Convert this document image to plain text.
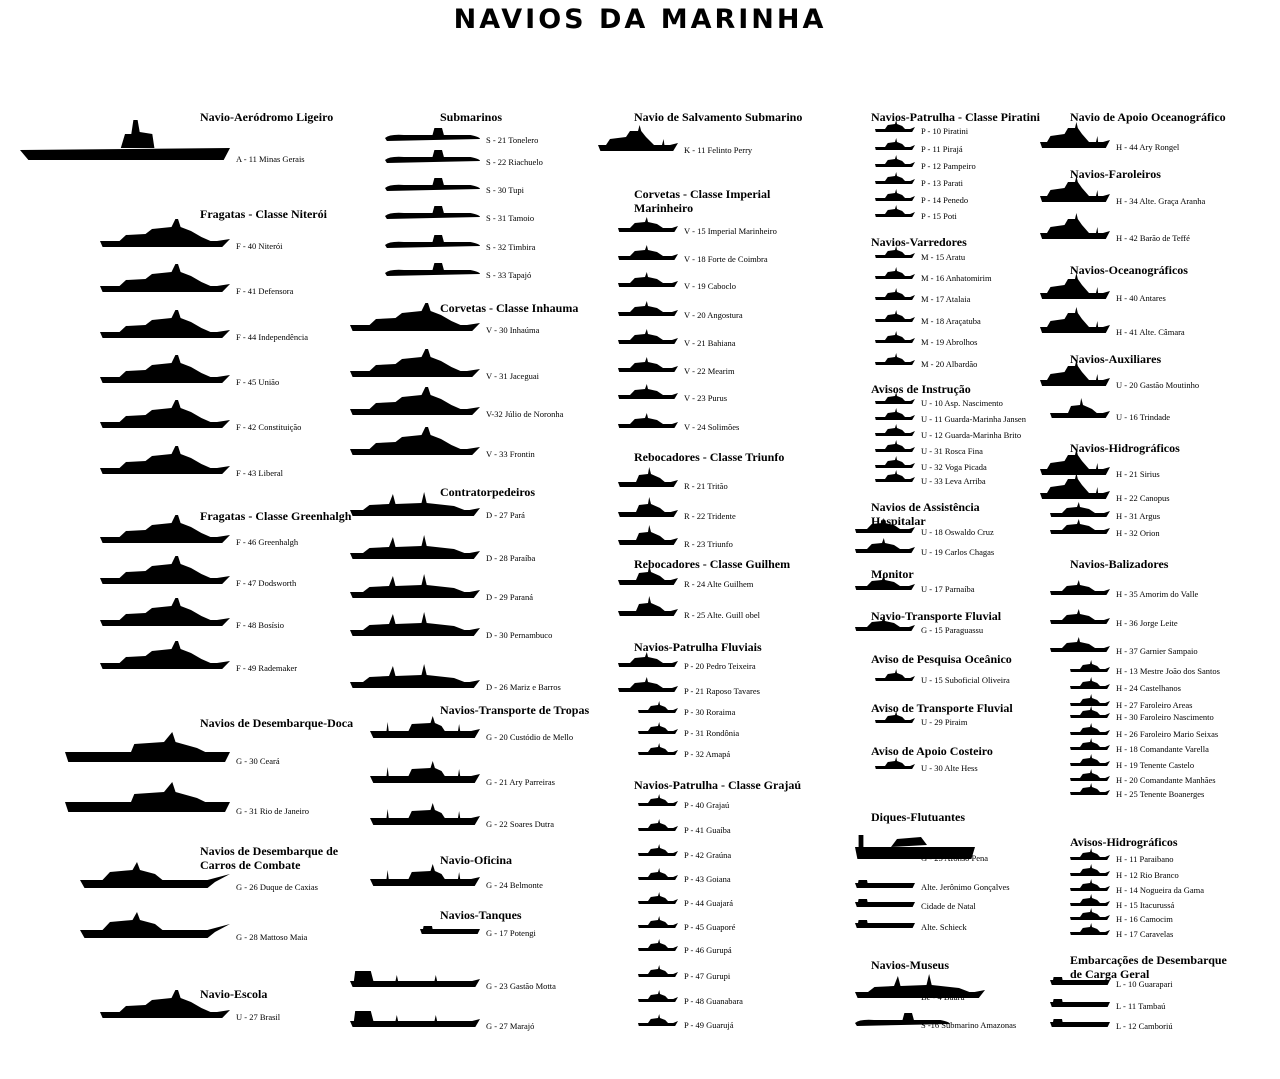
NAVIOS DA MARINHA
Navio-Aeródromo Ligeiro
A - 11 Minas Gerais
Fragatas - Classe Niterói
F - 40 Niterói
F - 41 Defensora
F - 44 Independência
F - 45 União
F - 42 Constituição
F - 43 Liberal
Fragatas - Classe Greenhalgh
F - 46 Greenhalgh
F - 47 Dodsworth
F - 48 Bosísio
F - 49 Rademaker
Navios de Desembarque-Doca
G - 30 Ceará
G - 31 Rio de Janeiro
Navios de Desembarque de
Carros de Combate
G - 26 Duque de Caxias
G - 28 Mattoso Maia
Navio-Escola
U - 27 Brasil
Submarinos
S - 21 Tonelero
S - 22 Riachuelo
S - 30 Tupi
S - 31 Tamoio
S - 32 Timbira
S - 33 Tapajó
Corvetas - Classe Inhauma
V - 30 Inhaúma
V - 31 Jaceguai
V-32 Júlio de Noronha
V - 33 Frontin
Contratorpedeiros
D - 27 Pará
D - 28 Paraíba
D - 29 Paraná
D - 30 Pernambuco
D - 26 Mariz e Barros
Navios-Transporte de Tropas
G - 20 Custódio de Mello
G - 21 Ary Parreiras
G - 22 Soares Dutra
Navio-Oficina
G - 24 Belmonte
Navios-Tanques
G - 17 Potengi
G - 23 Gastão Motta
G - 27 Marajó
Navio de Salvamento Submarino
K - 11 Felinto Perry
Corvetas - Classe Imperial
Marinheiro
V - 15 Imperial Marinheiro
V - 18 Forte de Coimbra
V - 19 Caboclo
V - 20 Angostura
V - 21 Bahiana
V - 22 Mearim
V - 23 Purus
V - 24 Solimões
Rebocadores - Classe Triunfo
R - 21 Tritão
R - 22 Tridente
R - 23 Triunfo
Rebocadores - Classe Guilhem
R - 24 Alte Guilhem
R - 25 Alte. Guill obel
Navios-Patrulha Fluviais
P - 20 Pedro Teixeira
P - 21 Raposo Tavares
P - 30 Roraima
P - 31 Rondônia
P - 32 Amapá
Navios-Patrulha - Classe Grajaú
P - 40 Grajaú
P - 41 Guaíba
P - 42 Graúna
P - 43 Goiana
P - 44 Guajará
P - 45 Guaporé
P - 46 Gurupá
P - 47 Gurupi
P - 48 Guanabara
P - 49 Guarujá
Navios-Patrulha - Classe Piratini
P - 10 Piratini
P - 11 Pirajá
P - 12 Pampeiro
P - 13 Parati
P - 14 Penedo
P - 15 Poti
Navios-Varredores
M - 15 Aratu
M - 16 Anhatomirim
M - 17 Atalaia
M - 18 Araçatuba
M - 19 Abrolhos
M - 20 Albardão
Avisos de Instrução
U - 10 Asp. Nascimento
U - 11 Guarda-Marinha Jansen
U - 12 Guarda-Marinha Brito
U - 31 Rosca Fina
U - 32 Voga Picada
U - 33 Leva Arriba
Navios de Assistência
Hospitalar
U - 18 Oswaldo Cruz
U - 19 Carlos Chagas
Monitor
U - 17 Parnaíba
Navio-Transporte Fluvial
G - 15 Paraguassu
Aviso de Pesquisa Oceânico
U - 15 Suboficial Oliveira
Aviso de Transporte Fluvial
U - 29 Piraim
Aviso de Apoio Costeiro
U - 30 Alte Hess
Diques-Flutuantes
G - 25 Afonso Pena
Alte. Jerônimo Gonçalves
Cidade de Natal
Alte. Schieck
Navios-Museus
Be - 4 Bauru
S -16 Submarino Amazonas
Navio de Apoio Oceanográfico
H - 44 Ary Rongel
Navios-Faroleiros
H - 34 Alte. Graça Aranha
H - 42 Barão de Teffé
Navios-Oceanográficos
H - 40 Antares
H - 41 Alte. Câmara
Navios-Auxiliares
U - 20 Gastão Moutinho
U - 16 Trindade
Navios-Hidrográficos
H - 21 Sirius
H - 22 Canopus
H - 31 Argus
H - 32 Orion
Navios-Balizadores
H - 35 Amorim do Valle
H - 36 Jorge Leite
H - 37 Garnier Sampaio
H - 13 Mestre João dos Santos
H - 24 Castelhanos
H - 27 Faroleiro Areas
H - 30 Faroleiro Nascimento
H - 26 Faroleiro Mario Seixas
H - 18 Comandante Varella
H - 19 Tenente Castelo
H - 20 Comandante Manhães
H - 25 Tenente Boanerges
Avisos-Hidrográficos
H - 11 Paraibano
H - 12 Rio Branco
H - 14 Nogueira da Gama
H - 15 Itacurussá
H - 16 Camocim
H - 17 Caravelas
Embarcações de Desembarque
de Carga Geral
L - 10 Guarapari
L - 11 Tambaú
L - 12 Camboriú
